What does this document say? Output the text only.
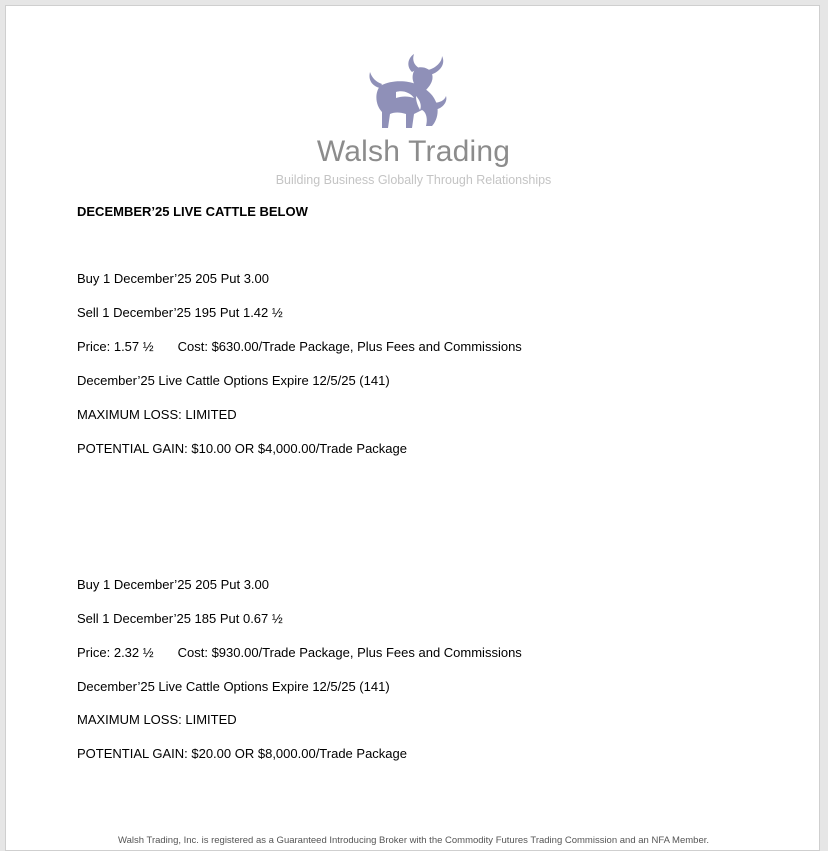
Walsh Trading
Building Business Globally Through Relationships
DECEMBER’25 LIVE CATTLE BELOW
Buy 1 December’25 205 Put 3.00
Sell 1 December’25 195 Put 1.42 ½
Price: 1.57 ½ Cost: $630.00/Trade Package, Plus Fees and Commissions
December’25 Live Cattle Options Expire 12/5/25 (141)
MAXIMUM LOSS: LIMITED
POTENTIAL GAIN: $10.00 OR $4,000.00/Trade Package
Buy 1 December’25 205 Put 3.00
Sell 1 December’25 185 Put 0.67 ½
Price: 2.32 ½ Cost: $930.00/Trade Package, Plus Fees and Commissions
December’25 Live Cattle Options Expire 12/5/25 (141)
MAXIMUM LOSS: LIMITED
POTENTIAL GAIN: $20.00 OR $8,000.00/Trade Package
Walsh Trading, Inc. is registered as a Guaranteed Introducing Broker with the Commodity Futures Trading Commission and an NFA Member.
